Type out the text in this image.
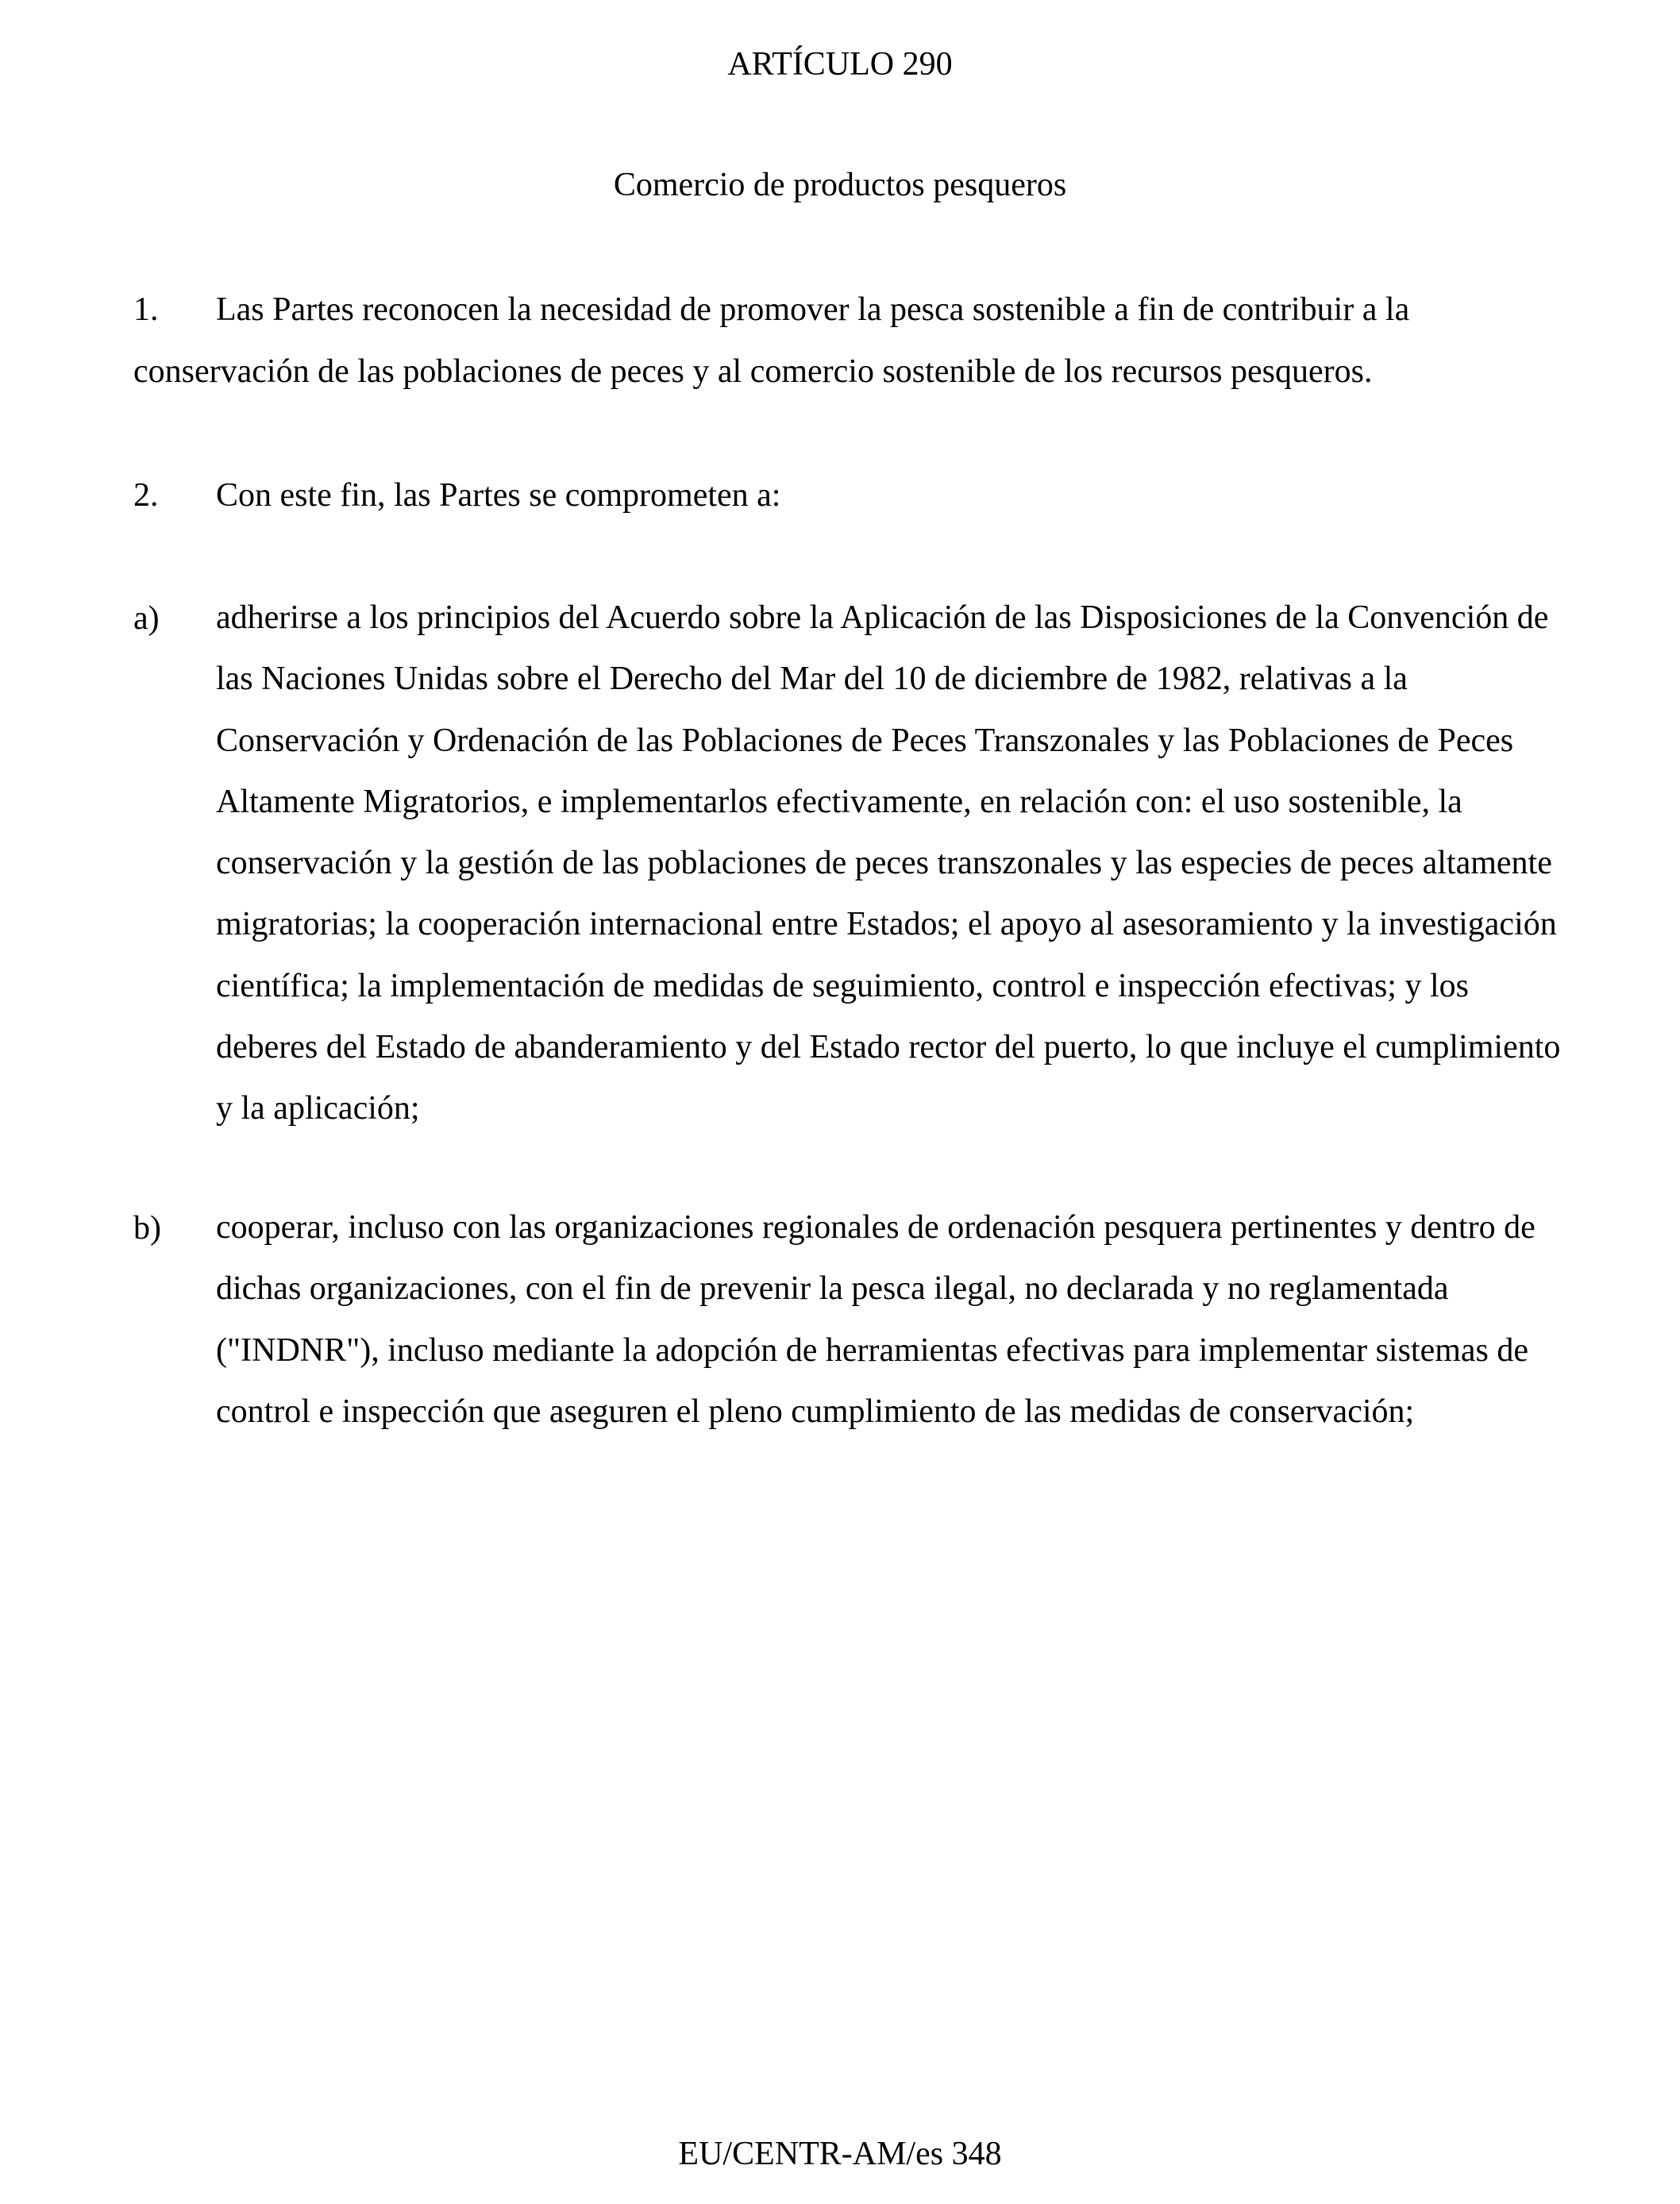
ARTÍCULO 290
Comercio de productos pesqueros
1. Las Partes reconocen la necesidad de promover la pesca sostenible a fin de contribuir a la conservación de las poblaciones de peces y al comercio sostenible de los recursos pesqueros.
2. Con este fin, las Partes se comprometen a:
a) adherirse a los principios del Acuerdo sobre la Aplicación de las Disposiciones de la Convención de las Naciones Unidas sobre el Derecho del Mar del 10 de diciembre de 1982, relativas a la Conservación y Ordenación de las Poblaciones de Peces Transzonales y las Poblaciones de Peces Altamente Migratorios, e implementarlos efectivamente, en relación con: el uso sostenible, la conservación y la gestión de las poblaciones de peces transzonales y las especies de peces altamente migratorias; la cooperación internacional entre Estados; el apoyo al asesoramiento y la investigación científica; la implementación de medidas de seguimiento, control e inspección efectivas; y los deberes del Estado de abanderamiento y del Estado rector del puerto, lo que incluye el cumplimiento y la aplicación;
b) cooperar, incluso con las organizaciones regionales de ordenación pesquera pertinentes y dentro de dichas organizaciones, con el fin de prevenir la pesca ilegal, no declarada y no reglamentada ("INDNR"), incluso mediante la adopción de herramientas efectivas para implementar sistemas de control e inspección que aseguren el pleno cumplimiento de las medidas de conservación;
EU/CENTR-AM/es 348
